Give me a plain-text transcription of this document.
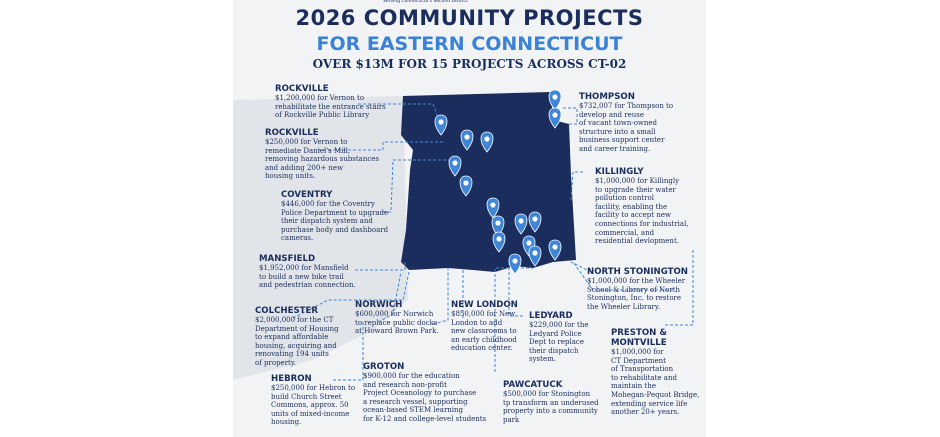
Serving Connecticut's Second District
2026 COMMUNITY PROJECTS
FOR EASTERN CONNECTICUT
OVER $13M FOR 15 PROJECTS ACROSS CT-02
ROCKVILLE
$1,200,000 for Vernon to
rehabilitate the entrance stairs
of Rockville Public Library
ROCKVILLE
$250,000 for Vernon to
remediate Daniel's Mill,
removing hazardous substances
and adding 200+ new
housing units.
COVENTRY
$446,000 for the Coventry
Police Department to upgrade
their dispatch system and
purchase body and dashboard
cameras.
MANSFIELD
$1,952,000 for Mansfield
to build a new bike trail
and pedestrian connection.
COLCHESTER
$2,000,000 for the CT
Department of Housing
to expand affordable
housing, acquiring and
renovating 194 units
of property.
NORWICH
$600,000 for Norwich
to replace public docks
at Howard Brown Park.
HEBRON
$250,000 for Hebron to
build Church Street
Commons, approx. 50
units of mixed-income
housing.
GROTON
$900,000 for the education
and research non-profit
Project Oceanology to purchase
a research vessel, supporting
ocean-based STEM learning
for K-12 and college-level students
NEW LONDON
$850,000 for New
London to add
new classrooms to
an early childhood
education center.
LEDYARD
$229,000 for the
Ledyard Police
Dept to replace
their dispatch
system.
PAWCATUCK
$500,000 for Stonington
tp transform an underused
property into a community
park
THOMPSON
$732,007 for Thompson to
develop and reuse
of vacant town-owned
structure into a small
business support center
and career training.
KILLINGLY
$1,000,000 for Killingly
to upgrade their water
pollution control
facility, enabling the
facility to accept new
connections for industrial,
commercial, and
residential devlopment.
NORTH STONINGTON
$1,000,000 for the Wheeler
School & Library of North
Stonington, Inc. to restore
the Wheeler Library.
PRESTON &
MONTVILLE
$1,000,000 for
CT Department
of Transportation
to rehabilitate and
maintain the
Mohegan-Pequot Bridge,
extending service life
another 20+ years.
